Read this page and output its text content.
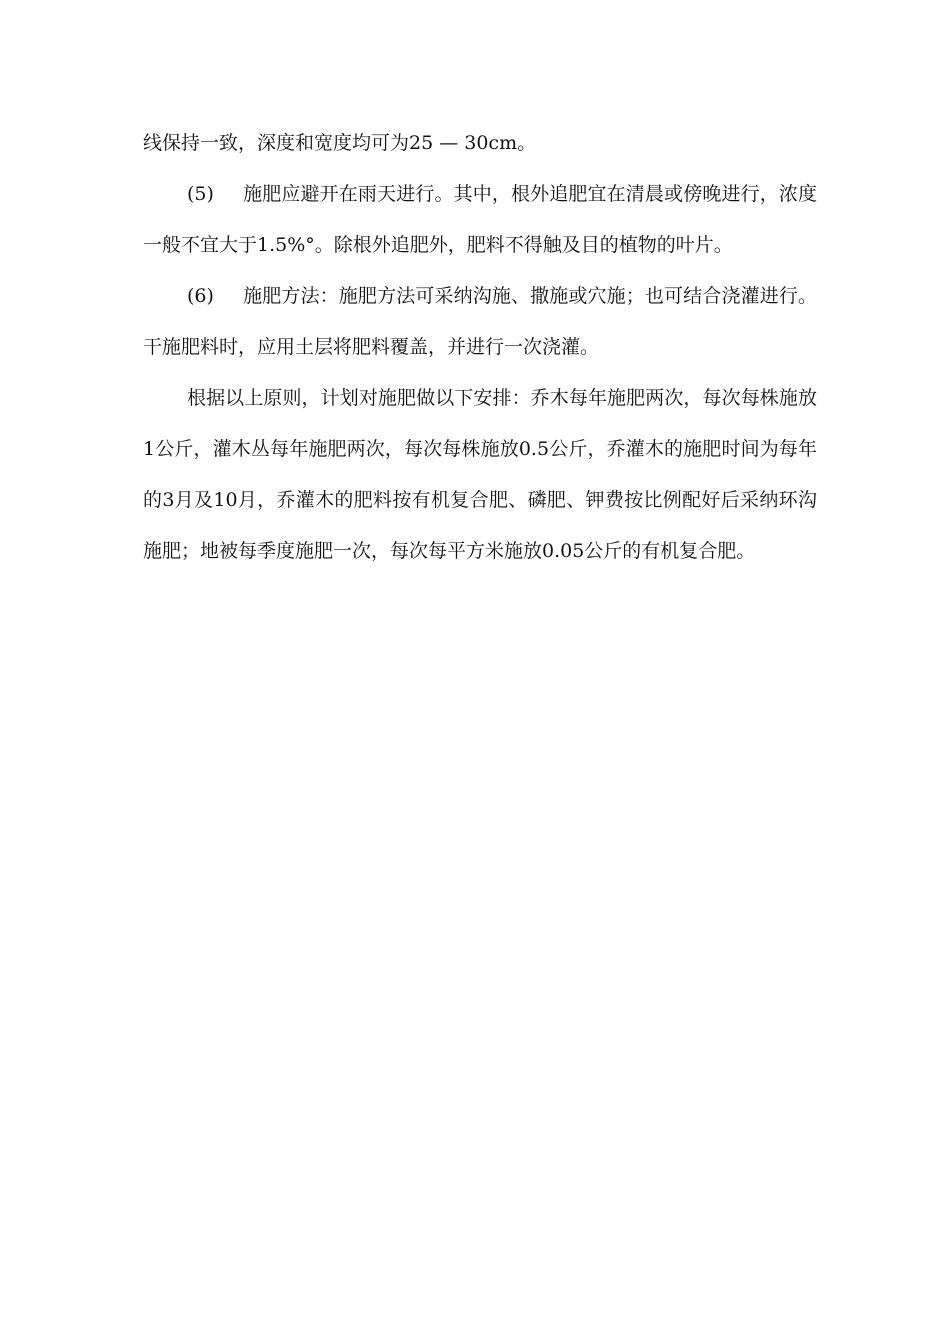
线保持一致，深度和宽度均可为25 — 30cm。

(5) 施肥应避开在雨天进行。其中，根外追肥宜在清晨或傍晚进行，浓度一般不宜大于1.5%°。除根外追肥外，肥料不得触及目的植物的叶片。

(6) 施肥方法：施肥方法可采纳沟施、撒施或穴施；也可结合浇灌进行。干施肥料时，应用土层将肥料覆盖，并进行一次浇灌。

根据以上原则，计划对施肥做以下安排：乔木每年施肥两次，每次每株施放1公斤，灌木丛每年施肥两次，每次每株施放0.5公斤，乔灌木的施肥时间为每年的3月及10月，乔灌木的肥料按有机复合肥、磷肥、钾费按比例配好后采纳环沟施肥；地被每季度施肥一次，每次每平方米施放0.05公斤的有机复合肥。
